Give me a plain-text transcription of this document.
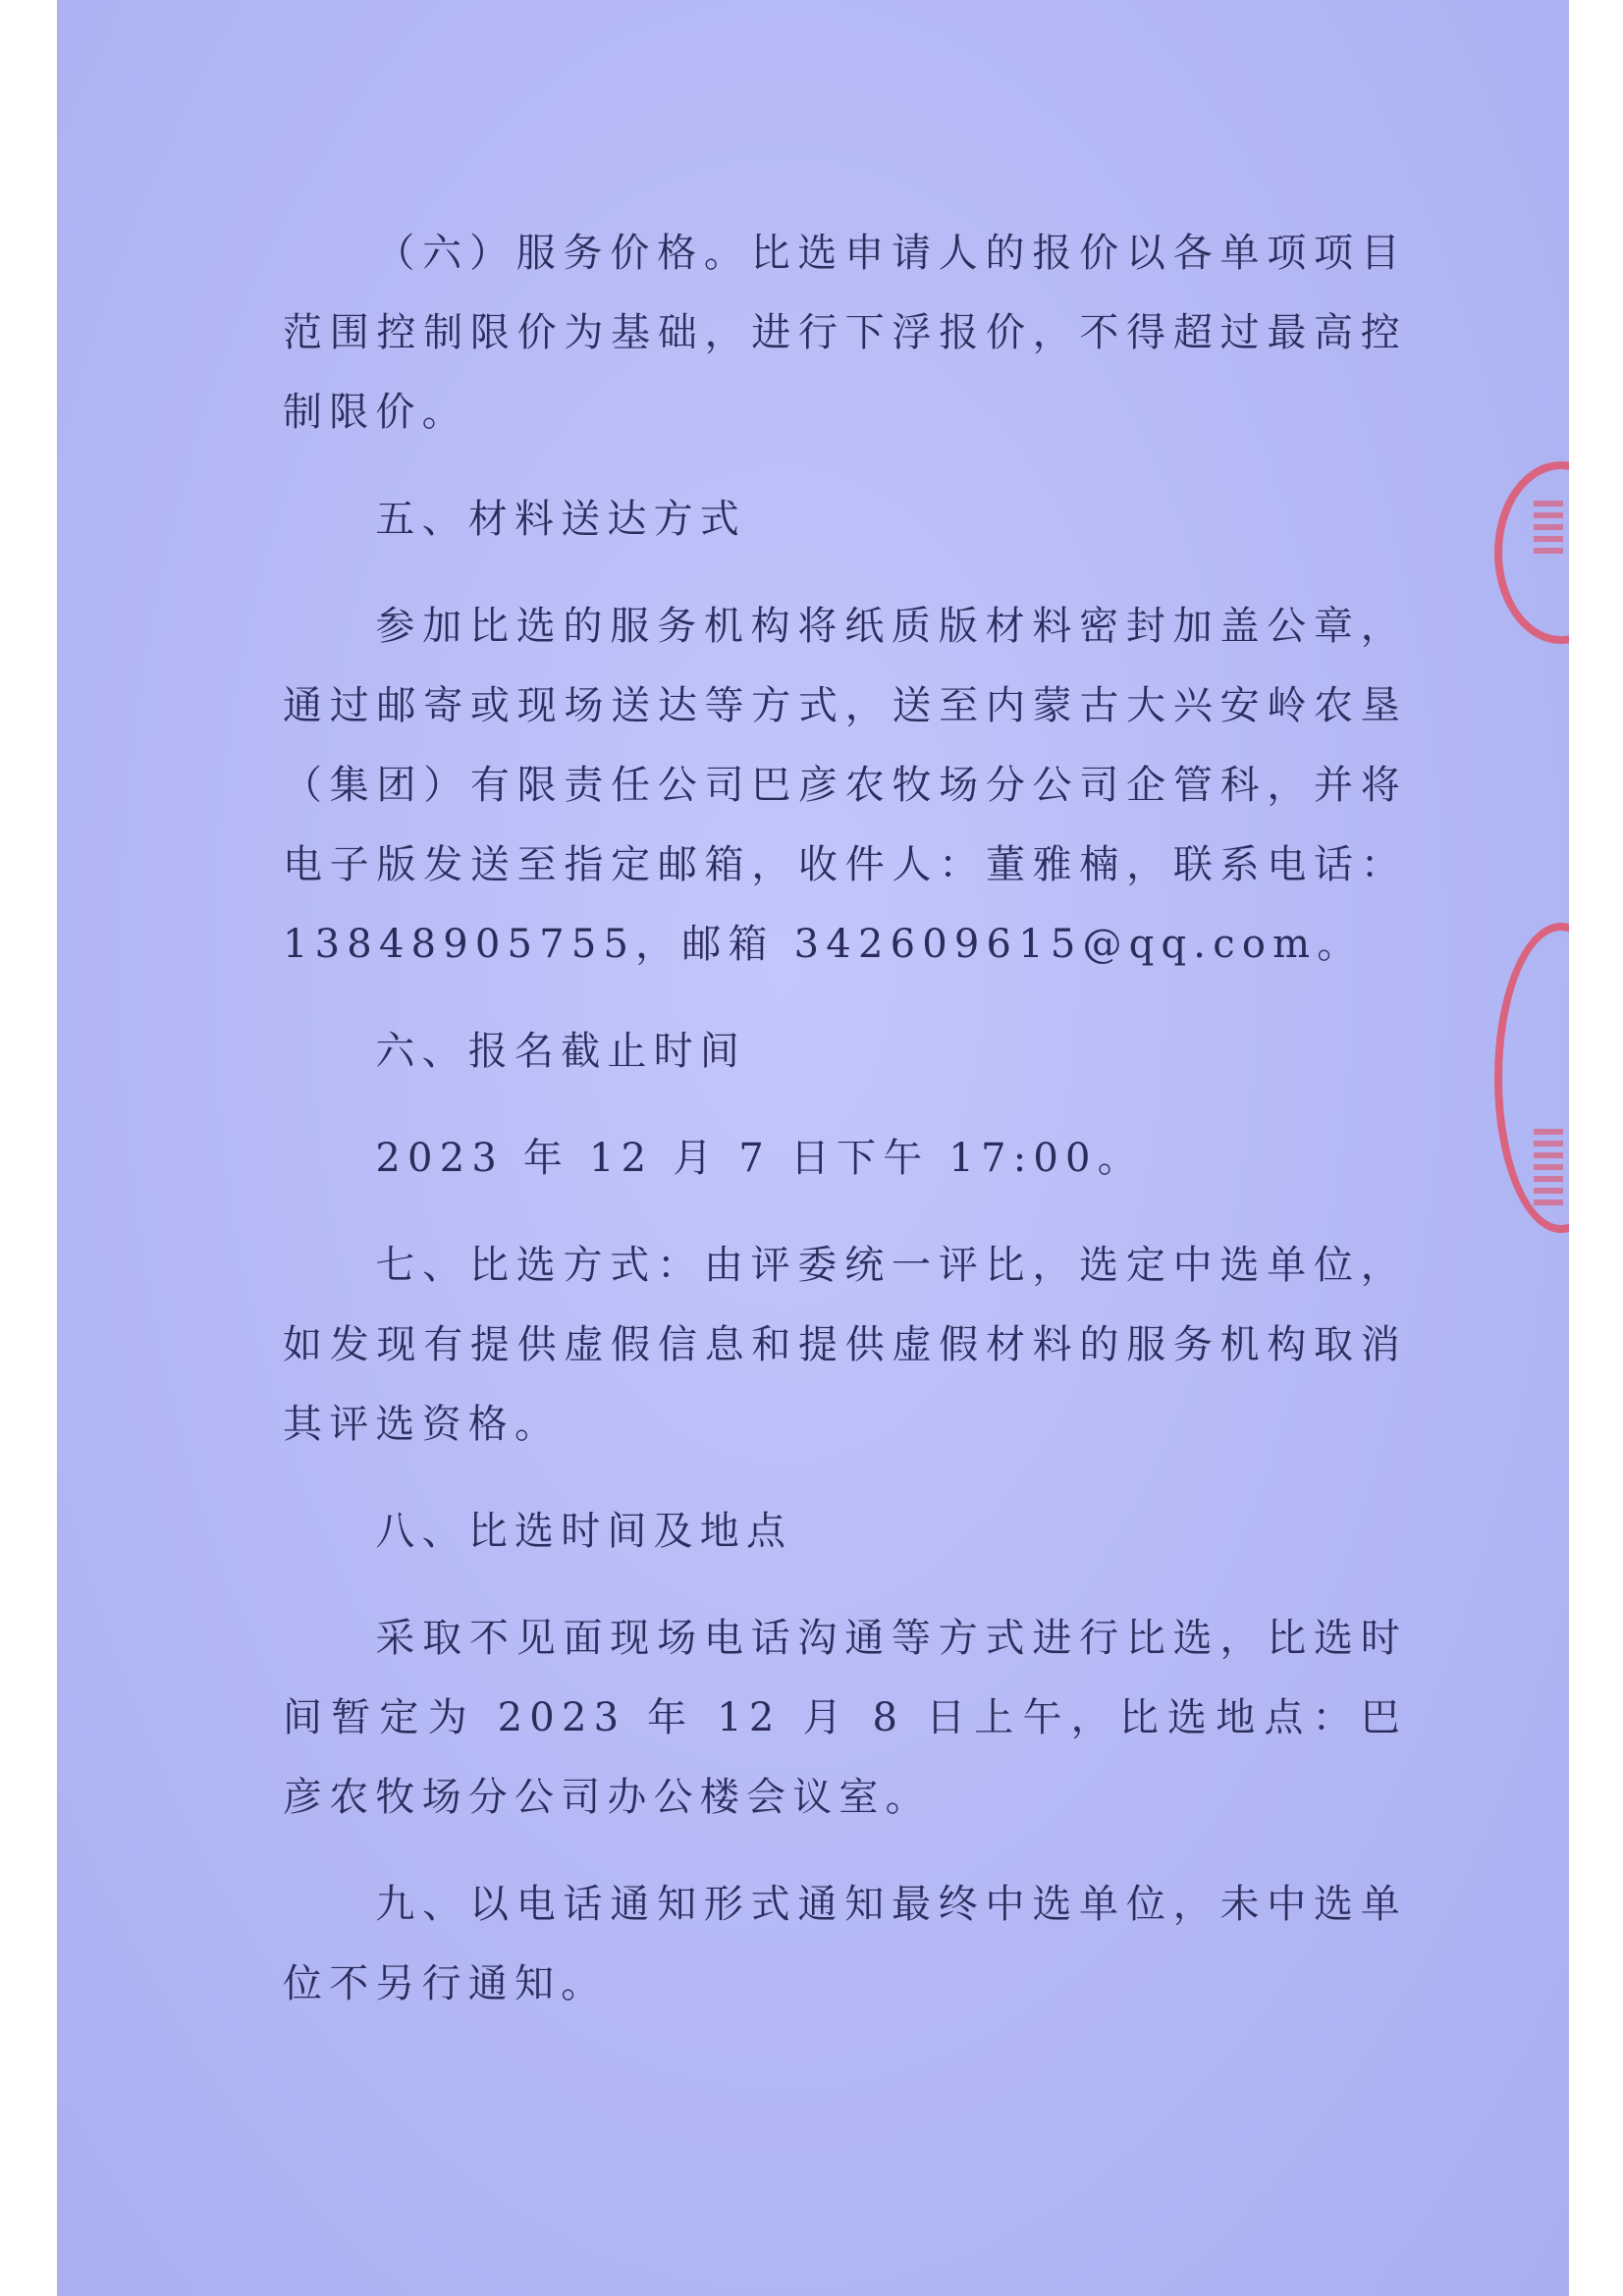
（六）服务价格。比选申请人的报价以各单项项目范围控制限价为基础，进行下浮报价，不得超过最高控制限价。

五、材料送达方式

参加比选的服务机构将纸质版材料密封加盖公章，通过邮寄或现场送达等方式，送至内蒙古大兴安岭农垦（集团）有限责任公司巴彦农牧场分公司企管科，并将电子版发送至指定邮箱，收件人：董雅楠，联系电话：13848905755，邮箱 342609615@qq.com。

六、报名截止时间

2023 年 12 月 7 日下午 17:00。

七、比选方式：由评委统一评比，选定中选单位，如发现有提供虚假信息和提供虚假材料的服务机构取消其评选资格。

八、比选时间及地点

采取不见面现场电话沟通等方式进行比选，比选时间暂定为 2023 年 12 月 8 日上午，比选地点：巴彦农牧场分公司办公楼会议室。

九、以电话通知形式通知最终中选单位，未中选单位不另行通知。
